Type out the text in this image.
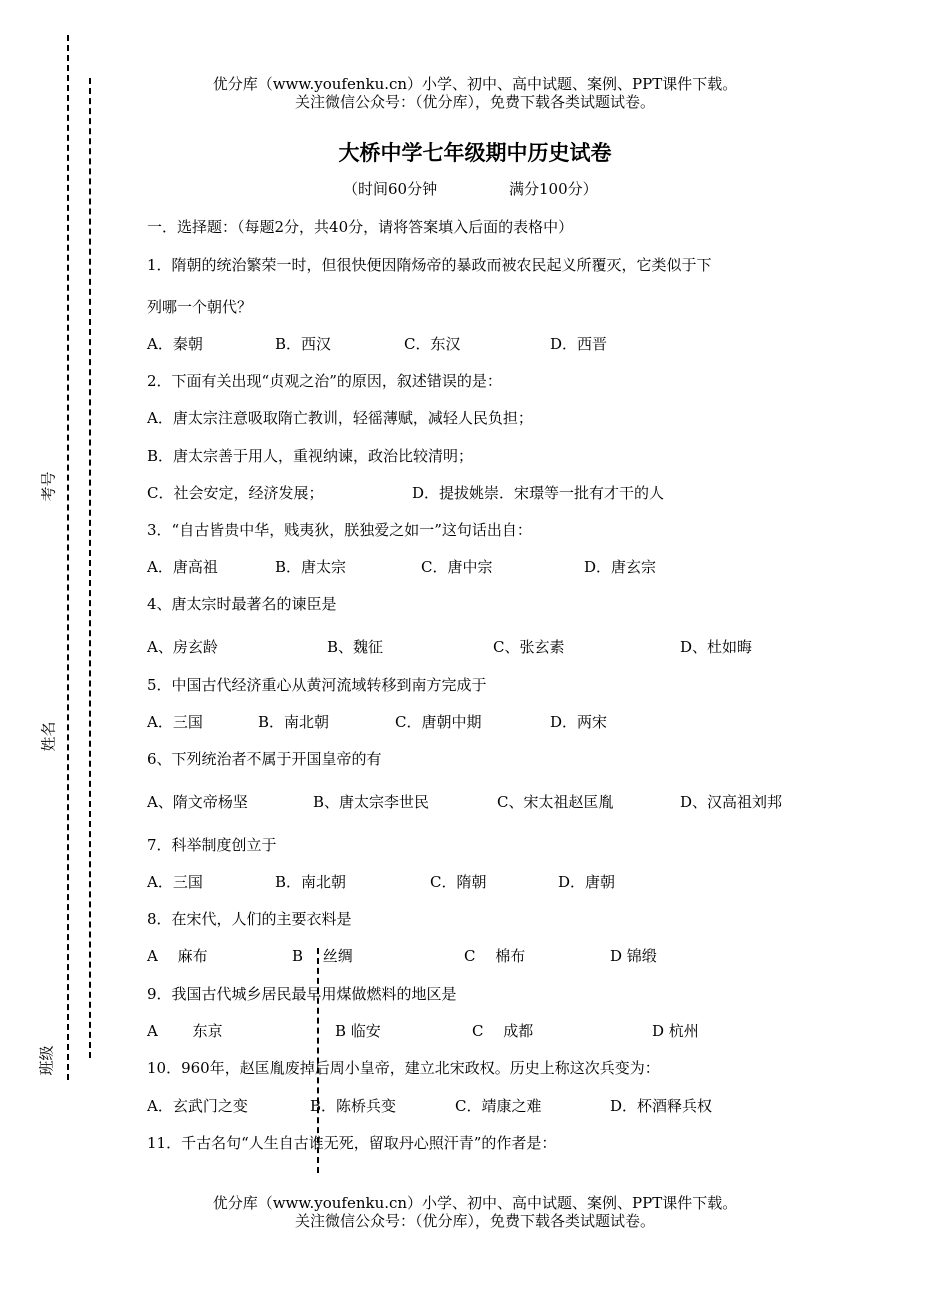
考号
姓名
班级
优分库（www.youfenku.cn）小学、初中、高中试题、案例、PPT课件下载。
关注微信公众号：（优分库），免费下载各类试题试卷。
大桥中学七年级期中历史试卷
（时间60分钟	满分100分）
一．选择题：（每题2分，共40分，请将答案填入后面的表格中）
1．隋朝的统治繁荣一时，但很快便因隋炀帝的暴政而被农民起义所覆灭，它类似于下
列哪一个朝代？
A．秦朝	B．西汉	C．东汉	D．西晋
2．下面有关出现“贞观之治”的原因，叙述错误的是：
A．唐太宗注意吸取隋亡教训，轻徭薄赋，减轻人民负担；
B．唐太宗善于用人，重视纳谏，政治比较清明；
C．社会安定，经济发展；	D．提拔姚崇．宋璟等一批有才干的人
3．“自古皆贵中华，贱夷狄，朕独爱之如一”这句话出自：
A．唐高祖	B．唐太宗	C．唐中宗	D．唐玄宗
4、唐太宗时最著名的谏臣是
A、房玄龄	B、魏征	C、张玄素	D、杜如晦
5．中国古代经济重心从黄河流域转移到南方完成于
A．三国	B．南北朝	C．唐朝中期	D．两宋
6、下列统治者不属于开国皇帝的有
A、隋文帝杨坚	B、唐太宗李世民	C、宋太祖赵匡胤	D、汉高祖刘邦
7．科举制度创立于
A．三国	B．南北朝	C．隋朝	D．唐朝
8．在宋代，人们的主要衣料是
A　 麻布	B　 丝绸	C　 棉布	D 锦缎
9．我国古代城乡居民最早用煤做燃料的地区是
A　　 东京	B 临安	C　 成都	D 杭州
10．960年，赵匡胤废掉后周小皇帝，建立北宋政权。历史上称这次兵变为：
A．玄武门之变	B．陈桥兵变	C．靖康之难	D．杯酒释兵权
11．千古名句“人生自古谁无死，留取丹心照汗青”的作者是：
优分库（www.youfenku.cn）小学、初中、高中试题、案例、PPT课件下载。
关注微信公众号：（优分库），免费下载各类试题试卷。
